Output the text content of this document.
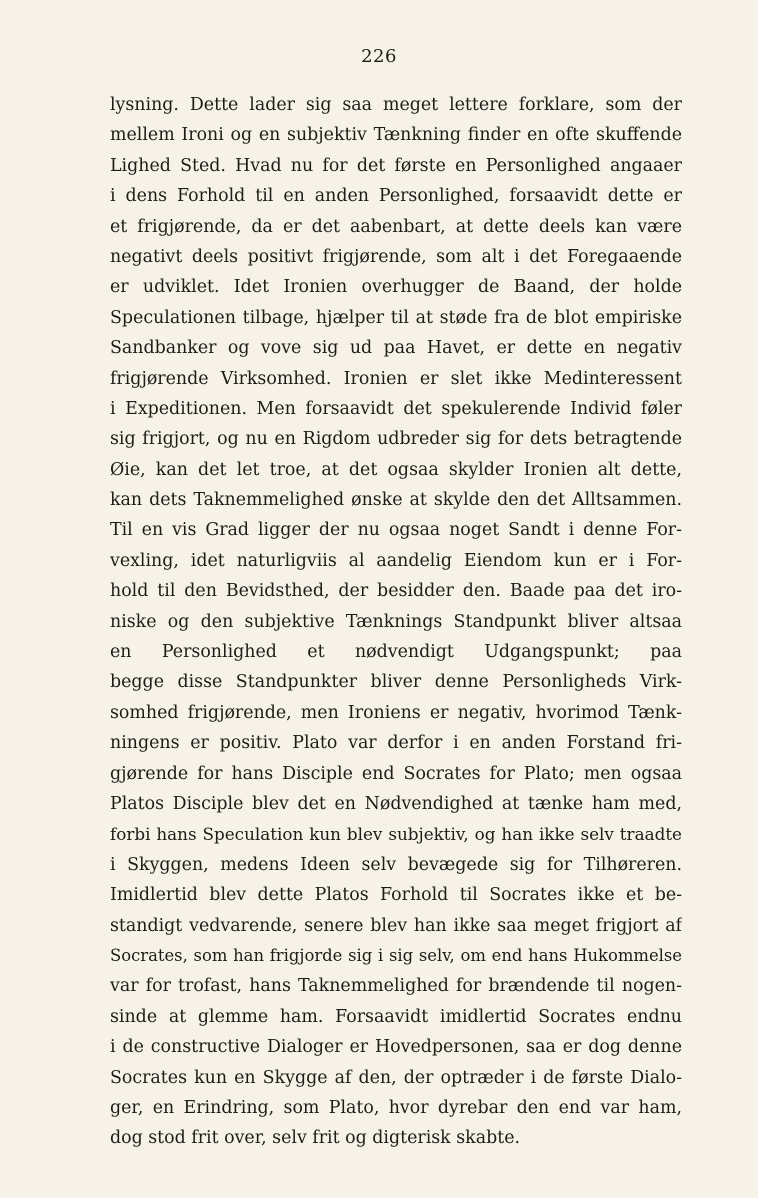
226
lysning. Dette lader sig saa meget lettere forklare, som der
mellem Ironi og en subjektiv Tænkning finder en ofte skuffende
Lighed Sted. Hvad nu for det første en Personlighed angaaer
i dens Forhold til en anden Personlighed, forsaavidt dette er
et frigjørende, da er det aabenbart, at dette deels kan være
negativt deels positivt frigjørende, som alt i det Foregaaende
er udviklet. Idet Ironien overhugger de Baand, der holde
Speculationen tilbage, hjælper til at støde fra de blot empiriske
Sandbanker og vove sig ud paa Havet, er dette en negativ
frigjørende Virksomhed. Ironien er slet ikke Medinteressent
i Expeditionen. Men forsaavidt det spekulerende Individ føler
sig frigjort, og nu en Rigdom udbreder sig for dets betragtende
Øie, kan det let troe, at det ogsaa skylder Ironien alt dette,
kan dets Taknemmelighed ønske at skylde den det Alltsammen.
Til en vis Grad ligger der nu ogsaa noget Sandt i denne For-
vexling, idet naturligviis al aandelig Eiendom kun er i For-
hold til den Bevidsthed, der besidder den. Baade paa det iro-
niske og den subjektive Tænknings Standpunkt bliver altsaa
en Personlighed et nødvendigt Udgangspunkt; paa
begge disse Standpunkter bliver denne Personligheds Virk-
somhed frigjørende, men Ironiens er negativ, hvorimod Tænk-
ningens er positiv. Plato var derfor i en anden Forstand fri-
gjørende for hans Disciple end Socrates for Plato; men ogsaa
Platos Disciple blev det en Nødvendighed at tænke ham med,
forbi hans Speculation kun blev subjektiv, og han ikke selv traadte
i Skyggen, medens Ideen selv bevægede sig for Tilhøreren.
Imidlertid blev dette Platos Forhold til Socrates ikke et be-
standigt vedvarende, senere blev han ikke saa meget frigjort af
Socrates, som han frigjorde sig i sig selv, om end hans Hukommelse
var for trofast, hans Taknemmelighed for brændende til nogen-
sinde at glemme ham. Forsaavidt imidlertid Socrates endnu
i de constructive Dialoger er Hovedpersonen, saa er dog denne
Socrates kun en Skygge af den, der optræder i de første Dialo-
ger, en Erindring, som Plato, hvor dyrebar den end var ham,
dog stod frit over, selv frit og digterisk skabte.
